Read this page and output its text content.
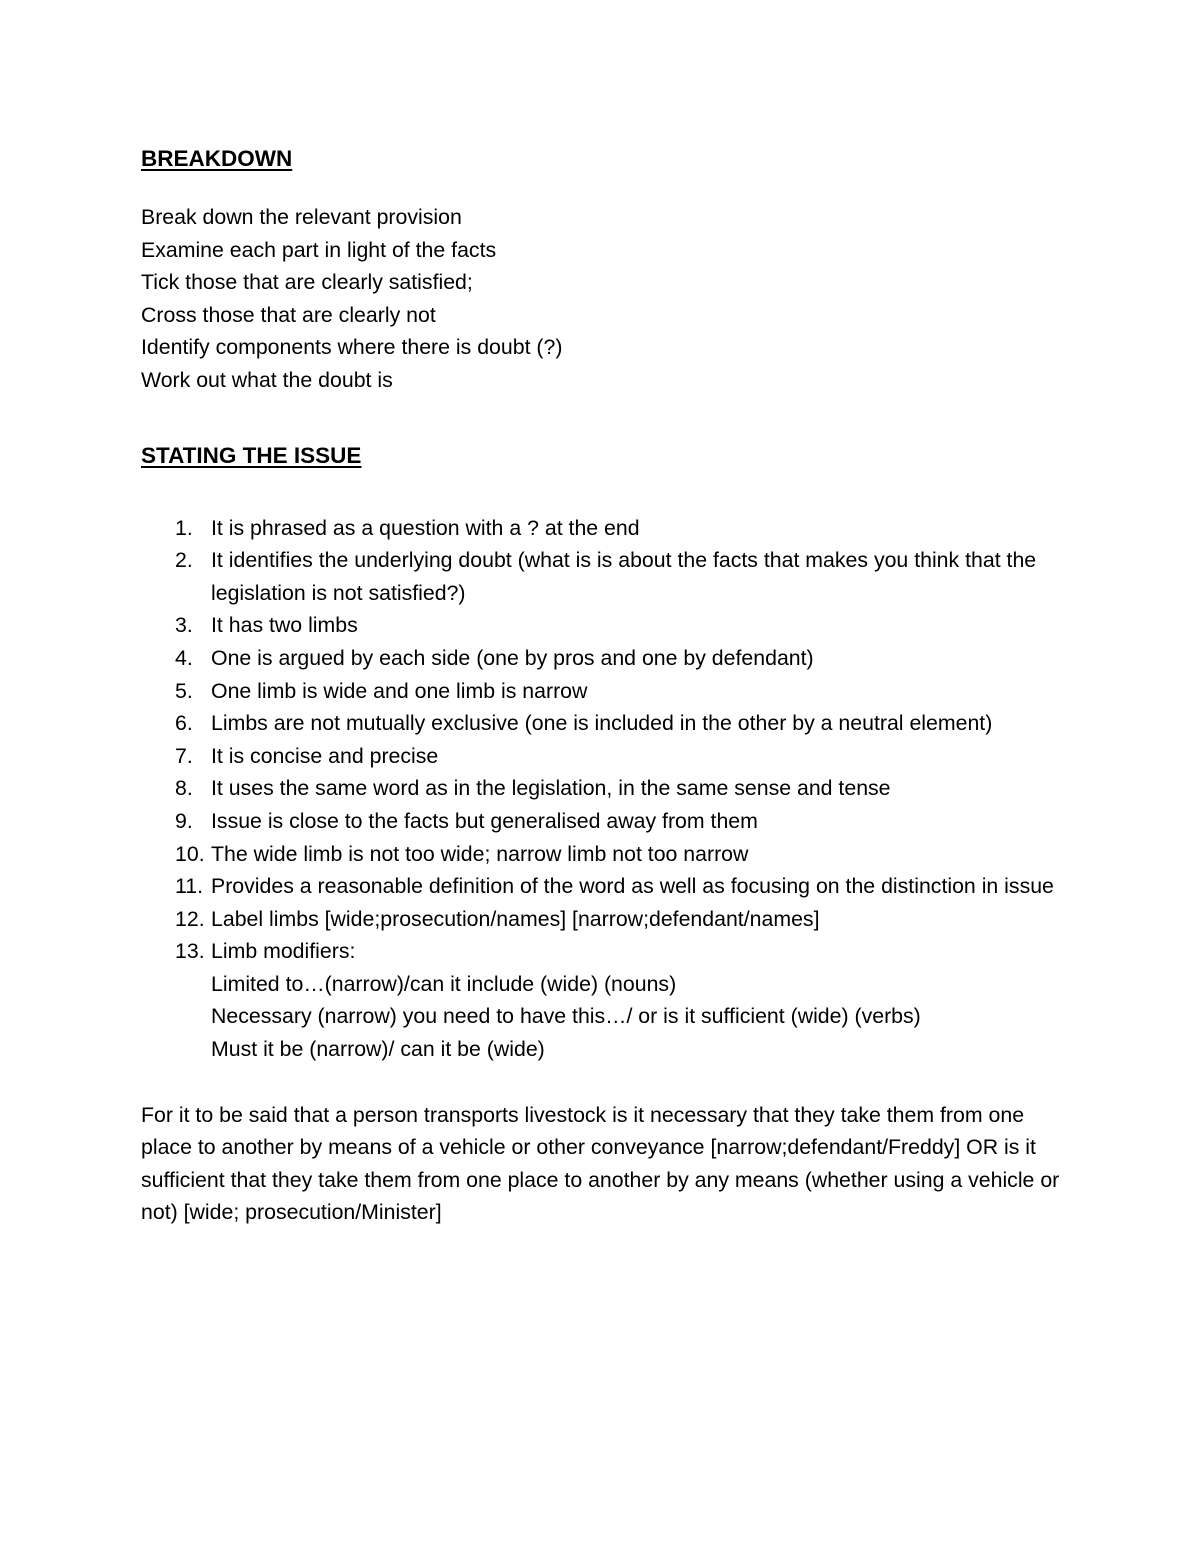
BREAKDOWN
Break down the relevant provision
Examine each part in light of the facts
Tick those that are clearly satisfied;
Cross those that are clearly not
Identify components where there is doubt (?)
Work out what the doubt is
STATING THE ISSUE
1. It is phrased as a question with a ? at the end
2. It identifies the underlying doubt (what is is about the facts that makes you think that the legislation is not satisfied?)
3. It has two limbs
4. One is argued by each side (one by pros and one by defendant)
5. One limb is wide and one limb is narrow
6. Limbs are not mutually exclusive (one is included in the other by a neutral element)
7. It is concise and precise
8. It uses the same word as in the legislation, in the same sense and tense
9. Issue is close to the facts but generalised away from them
10. The wide limb is not too wide; narrow limb not too narrow
11. Provides a reasonable definition of the word as well as focusing on the distinction in issue
12. Label limbs [wide;prosecution/names] [narrow;defendant/names]
13. Limb modifiers:
Limited to…(narrow)/can it include (wide) (nouns)
Necessary (narrow) you need to have this…/ or is it sufficient (wide) (verbs)
Must it be (narrow)/ can it be (wide)

For it to be said that a person transports livestock is it necessary that they take them from one place to another by means of a vehicle or other conveyance [narrow;defendant/Freddy] OR is it sufficient that they take them from one place to another by any means (whether using a vehicle or not) [wide; prosecution/Minister]
